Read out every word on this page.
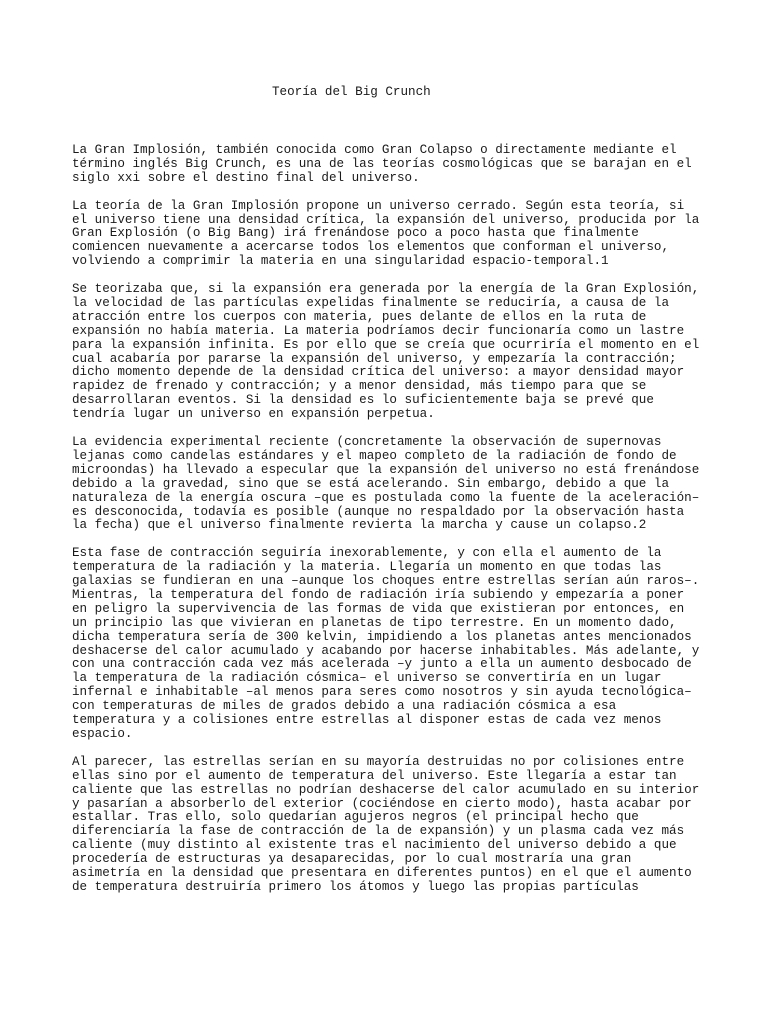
Teoría del Big Crunch

La Gran Implosión, también conocida como Gran Colapso o directamente mediante el
término inglés Big Crunch, es una de las teorías cosmológicas que se barajan en el
siglo xxi sobre el destino final del universo.

La teoría de la Gran Implosión propone un universo cerrado. Según esta teoría, si
el universo tiene una densidad crítica, la expansión del universo, producida por la
Gran Explosión (o Big Bang) irá frenándose poco a poco hasta que finalmente
comiencen nuevamente a acercarse todos los elementos que conforman el universo,
volviendo a comprimir la materia en una singularidad espacio-temporal.1

Se teorizaba que, si la expansión era generada por la energía de la Gran Explosión,
la velocidad de las partículas expelidas finalmente se reduciría, a causa de la
atracción entre los cuerpos con materia, pues delante de ellos en la ruta de
expansión no había materia. La materia podríamos decir funcionaría como un lastre
para la expansión infinita. Es por ello que se creía que ocurriría el momento en el
cual acabaría por pararse la expansión del universo, y empezaría la contracción;
dicho momento depende de la densidad crítica del universo: a mayor densidad mayor
rapidez de frenado y contracción; y a menor densidad, más tiempo para que se
desarrollaran eventos. Si la densidad es lo suficientemente baja se prevé que
tendría lugar un universo en expansión perpetua.

La evidencia experimental reciente (concretamente la observación de supernovas
lejanas como candelas estándares y el mapeo completo de la radiación de fondo de
microondas) ha llevado a especular que la expansión del universo no está frenándose
debido a la gravedad, sino que se está acelerando. Sin embargo, debido a que la
naturaleza de la energía oscura –que es postulada como la fuente de la aceleración–
es desconocida, todavía es posible (aunque no respaldado por la observación hasta
la fecha) que el universo finalmente revierta la marcha y cause un colapso.2

Esta fase de contracción seguiría inexorablemente, y con ella el aumento de la
temperatura de la radiación y la materia. Llegaría un momento en que todas las
galaxias se fundieran en una –aunque los choques entre estrellas serían aún raros–.
Mientras, la temperatura del fondo de radiación iría subiendo y empezaría a poner
en peligro la supervivencia de las formas de vida que existieran por entonces, en
un principio las que vivieran en planetas de tipo terrestre. En un momento dado,
dicha temperatura sería de 300 kelvin, impidiendo a los planetas antes mencionados
deshacerse del calor acumulado y acabando por hacerse inhabitables. Más adelante, y
con una contracción cada vez más acelerada –y junto a ella un aumento desbocado de
la temperatura de la radiación cósmica– el universo se convertiría en un lugar
infernal e inhabitable –al menos para seres como nosotros y sin ayuda tecnológica–
con temperaturas de miles de grados debido a una radiación cósmica a esa
temperatura y a colisiones entre estrellas al disponer estas de cada vez menos
espacio.

Al parecer, las estrellas serían en su mayoría destruidas no por colisiones entre
ellas sino por el aumento de temperatura del universo. Este llegaría a estar tan
caliente que las estrellas no podrían deshacerse del calor acumulado en su interior
y pasarían a absorberlo del exterior (cociéndose en cierto modo), hasta acabar por
estallar. Tras ello, solo quedarían agujeros negros (el principal hecho que
diferenciaría la fase de contracción de la de expansión) y un plasma cada vez más
caliente (muy distinto al existente tras el nacimiento del universo debido a que
procedería de estructuras ya desaparecidas, por lo cual mostraría una gran
asimetría en la densidad que presentara en diferentes puntos) en el que el aumento
de temperatura destruiría primero los átomos y luego las propias partículas
